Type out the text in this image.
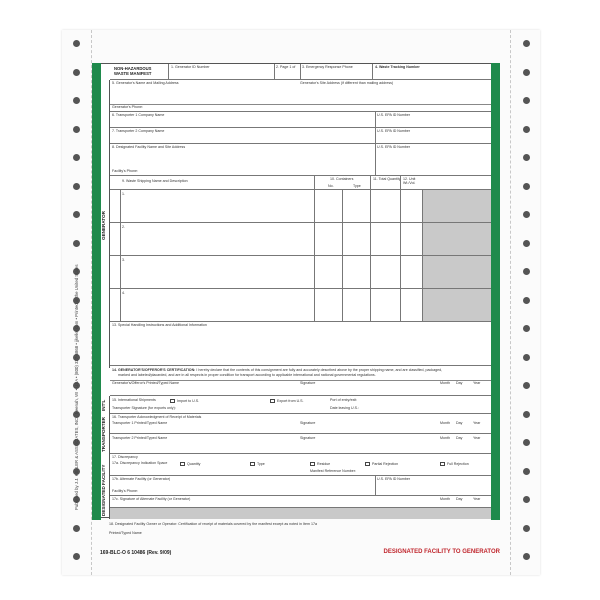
Published by J.J. KELLER & ASSOCIATES, INC., Neenah, WI • USA • (800) 327-6868 • jjkeller.com • Printed in the United States
NON-HAZARDOUS
WASTE MANIFEST
1. Generator ID Number	2. Page 1 of 3. Emergency Response Phone	4. Waste Tracking Number
GENERATOR
5. Generator's Name and Mailing Address	Generator's Site Address (if different than mailing address)
Generator's Phone:
6. Transporter 1 Company Name	U.S. EPA ID Number
7. Transporter 2 Company Name	U.S. EPA ID Number
8. Designated Facility Name and Site Address	U.S. EPA ID Number
Facility's Phone:
9. Waste Shipping Name and Description	10. Containers
No.	Type
11. Total Quantity 12. Unit Wt./Vol.
1.
2.
3.
4.
13. Special Handling Instructions and Additional Information
14. GENERATOR'S/OFFEROR'S CERTIFICATION: I hereby declare that the contents of this consignment are fully and accurately described above by the proper shipping name, and are classified, packaged,
marked and labeled/placarded, and are in all respects in proper condition for transport according to applicable international and national governmental regulations.
Generator's/Offeror's Printed/Typed Name	Signature	Month Day	Year
INT'L 15. International Shipments	Import to U.S.	Export from U.S.	Port of entry/exit:
Transporter Signature (for exports only):	Date leaving U.S.:
TRANSPORTER
16. Transporter Acknowledgment of Receipt of Materials
Transporter 1 Printed/Typed Name	Signature	Month Day	Year
Transporter 2 Printed/Typed Name	Signature	Month Day	Year
DESIGNATED FACILITY
17. Discrepancy
17a. Discrepancy Indication Space	Quantity	Type	Residue	Partial Rejection	Full Rejection
Manifest Reference Number:
17b. Alternate Facility (or Generator)	U.S. EPA ID Number
Facility's Phone:
17c. Signature of Alternate Facility (or Generator)	Month Day	Year
18. Designated Facility Owner or Operator: Certification of receipt of materials covered by the manifest except as noted in Item 17a
Printed/Typed Name
169-BLC-O 6 10486 (Rev. 9/09)	DESIGNATED FACILITY TO GENERATOR
